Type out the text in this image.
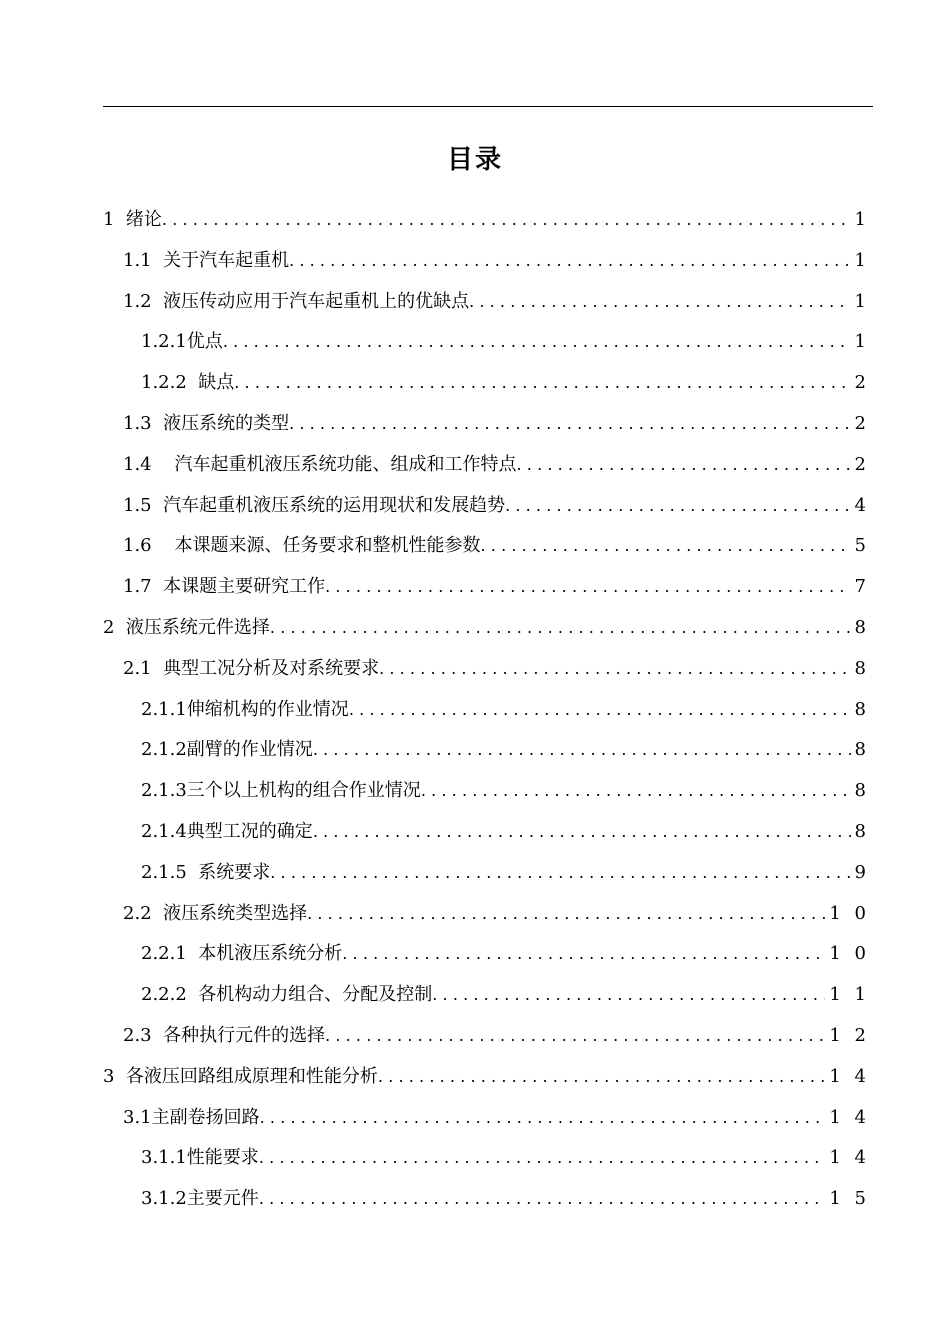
目录
1  绪论 .....	1
1.1  关于汽车起重机 .....	1
1.2  液压传动应用于汽车起重机上的优缺点 .....	1
1.2.1优点 .....	1
1.2.2  缺点 .....	2
1.3  液压系统的类型 .....	2
1.4    汽车起重机液压系统功能、组成和工作特点 .....	2
1.5  汽车起重机液压系统的运用现状和发展趋势 .....	4
1.6    本课题来源、任务要求和整机性能参数 .....	5
1.7  本课题主要研究工作 .....	7
2  液压系统元件选择 .....	8
2.1  典型工况分析及对系统要求 .....	8
2.1.1伸缩机构的作业情况 .....	8
2.1.2副臂的作业情况 .....	8
2.1.3三个以上机构的组合作业情况 .....	8
2.1.4典型工况的确定 .....	8
2.1.5  系统要求 .....	9
2.2  液压系统类型选择 .....	1 0
2.2.1  本机液压系统分析 .....	1 0
2.2.2  各机构动力组合、分配及控制 .....	1 1
2.3  各种执行元件的选择 .....	1 2
3  各液压回路组成原理和性能分析 .....	1 4
3.1主副卷扬回路 .....	1 4
3.1.1性能要求 .....	1 4
3.1.2主要元件 .....	1 5
